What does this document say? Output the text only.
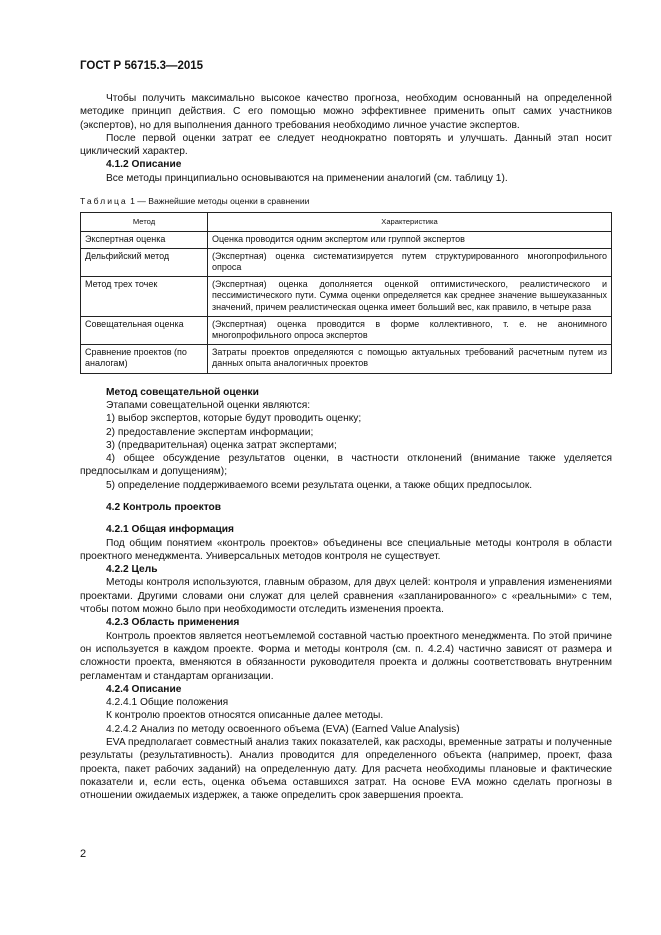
ГОСТ Р 56715.3—2015

Чтобы получить максимально высокое качество прогноза, необходим основанный на определенной методике принцип действия. С его помощью можно эффективнее применить опыт самих участников (экспертов), но для выполнения данного требования необходимо личное участие экспертов.

После первой оценки затрат ее следует неоднократно повторять и улучшать. Данный этап носит циклический характер.

4.1.2 Описание

Все методы принципиально основываются на применении аналогий (см. таблицу 1).

Таблица 1 — Важнейшие методы оценки в сравнении
Метод	Характеристика
Экспертная оценка	Оценка проводится одним экспертом или группой экспертов
Дельфийский метод	(Экспертная) оценка систематизируется путем структурированного многопрофильного опроса
Метод трех точек	(Экспертная) оценка дополняется оценкой оптимистического, реалистического и пессимистического пути. Сумма оценки определяется как среднее значение вышеуказанных значений, причем реалистическая оценка имеет больший вес, как правило, в четыре раза
Совещательная оценка	(Экспертная) оценка проводится в форме коллективного, т. е. не анонимного многопрофильного опроса экспертов
Сравнение проектов (по аналогам)	Затраты проектов определяются с помощью актуальных требований расчетным путем из данных опыта аналогичных проектов

Метод совещательной оценки

Этапами совещательной оценки являются:

1) выбор экспертов, которые будут проводить оценку;

2) предоставление экспертам информации;

3) (предварительная) оценка затрат экспертами;

4) общее обсуждение результатов оценки, в частности отклонений (внимание также уделяется предпосылкам и допущениям);

5) определение поддерживаемого всеми результата оценки, а также общих предпосылок.

4.2 Контроль проектов

4.2.1 Общая информация

Под общим понятием «контроль проектов» объединены все специальные методы контроля в области проектного менеджмента. Универсальных методов контроля не существует.

4.2.2 Цель

Методы контроля используются, главным образом, для двух целей: контроля и управления изменениями проектами. Другими словами они служат для целей сравнения «запланированного» с «реальными» с тем, чтобы потом можно было при необходимости отследить изменения проекта.

4.2.3 Область применения

Контроль проектов является неотъемлемой составной частью проектного менеджмента. По этой причине он используется в каждом проекте. Форма и методы контроля (см. п. 4.2.4) частично зависят от размера и сложности проекта, вменяются в обязанности руководителя проекта и должны соответствовать внутренним регламентам и стандартам организации.

4.2.4 Описание

4.2.4.1 Общие положения

К контролю проектов относятся описанные далее методы.

4.2.4.2 Анализ по методу освоенного объема (EVA) (Earned Value Analysis)

EVA предполагает совместный анализ таких показателей, как расходы, временные затраты и полученные результаты (результативность). Анализ проводится для определенного объекта (например, проект, фаза проекта, пакет рабочих заданий) на определенную дату. Для расчета необходимы плановые и фактические показатели и, если есть, оценка объема оставшихся затрат. На основе EVA можно сделать прогнозы в отношении ожидаемых издержек, а также определить срок завершения проекта.

2
